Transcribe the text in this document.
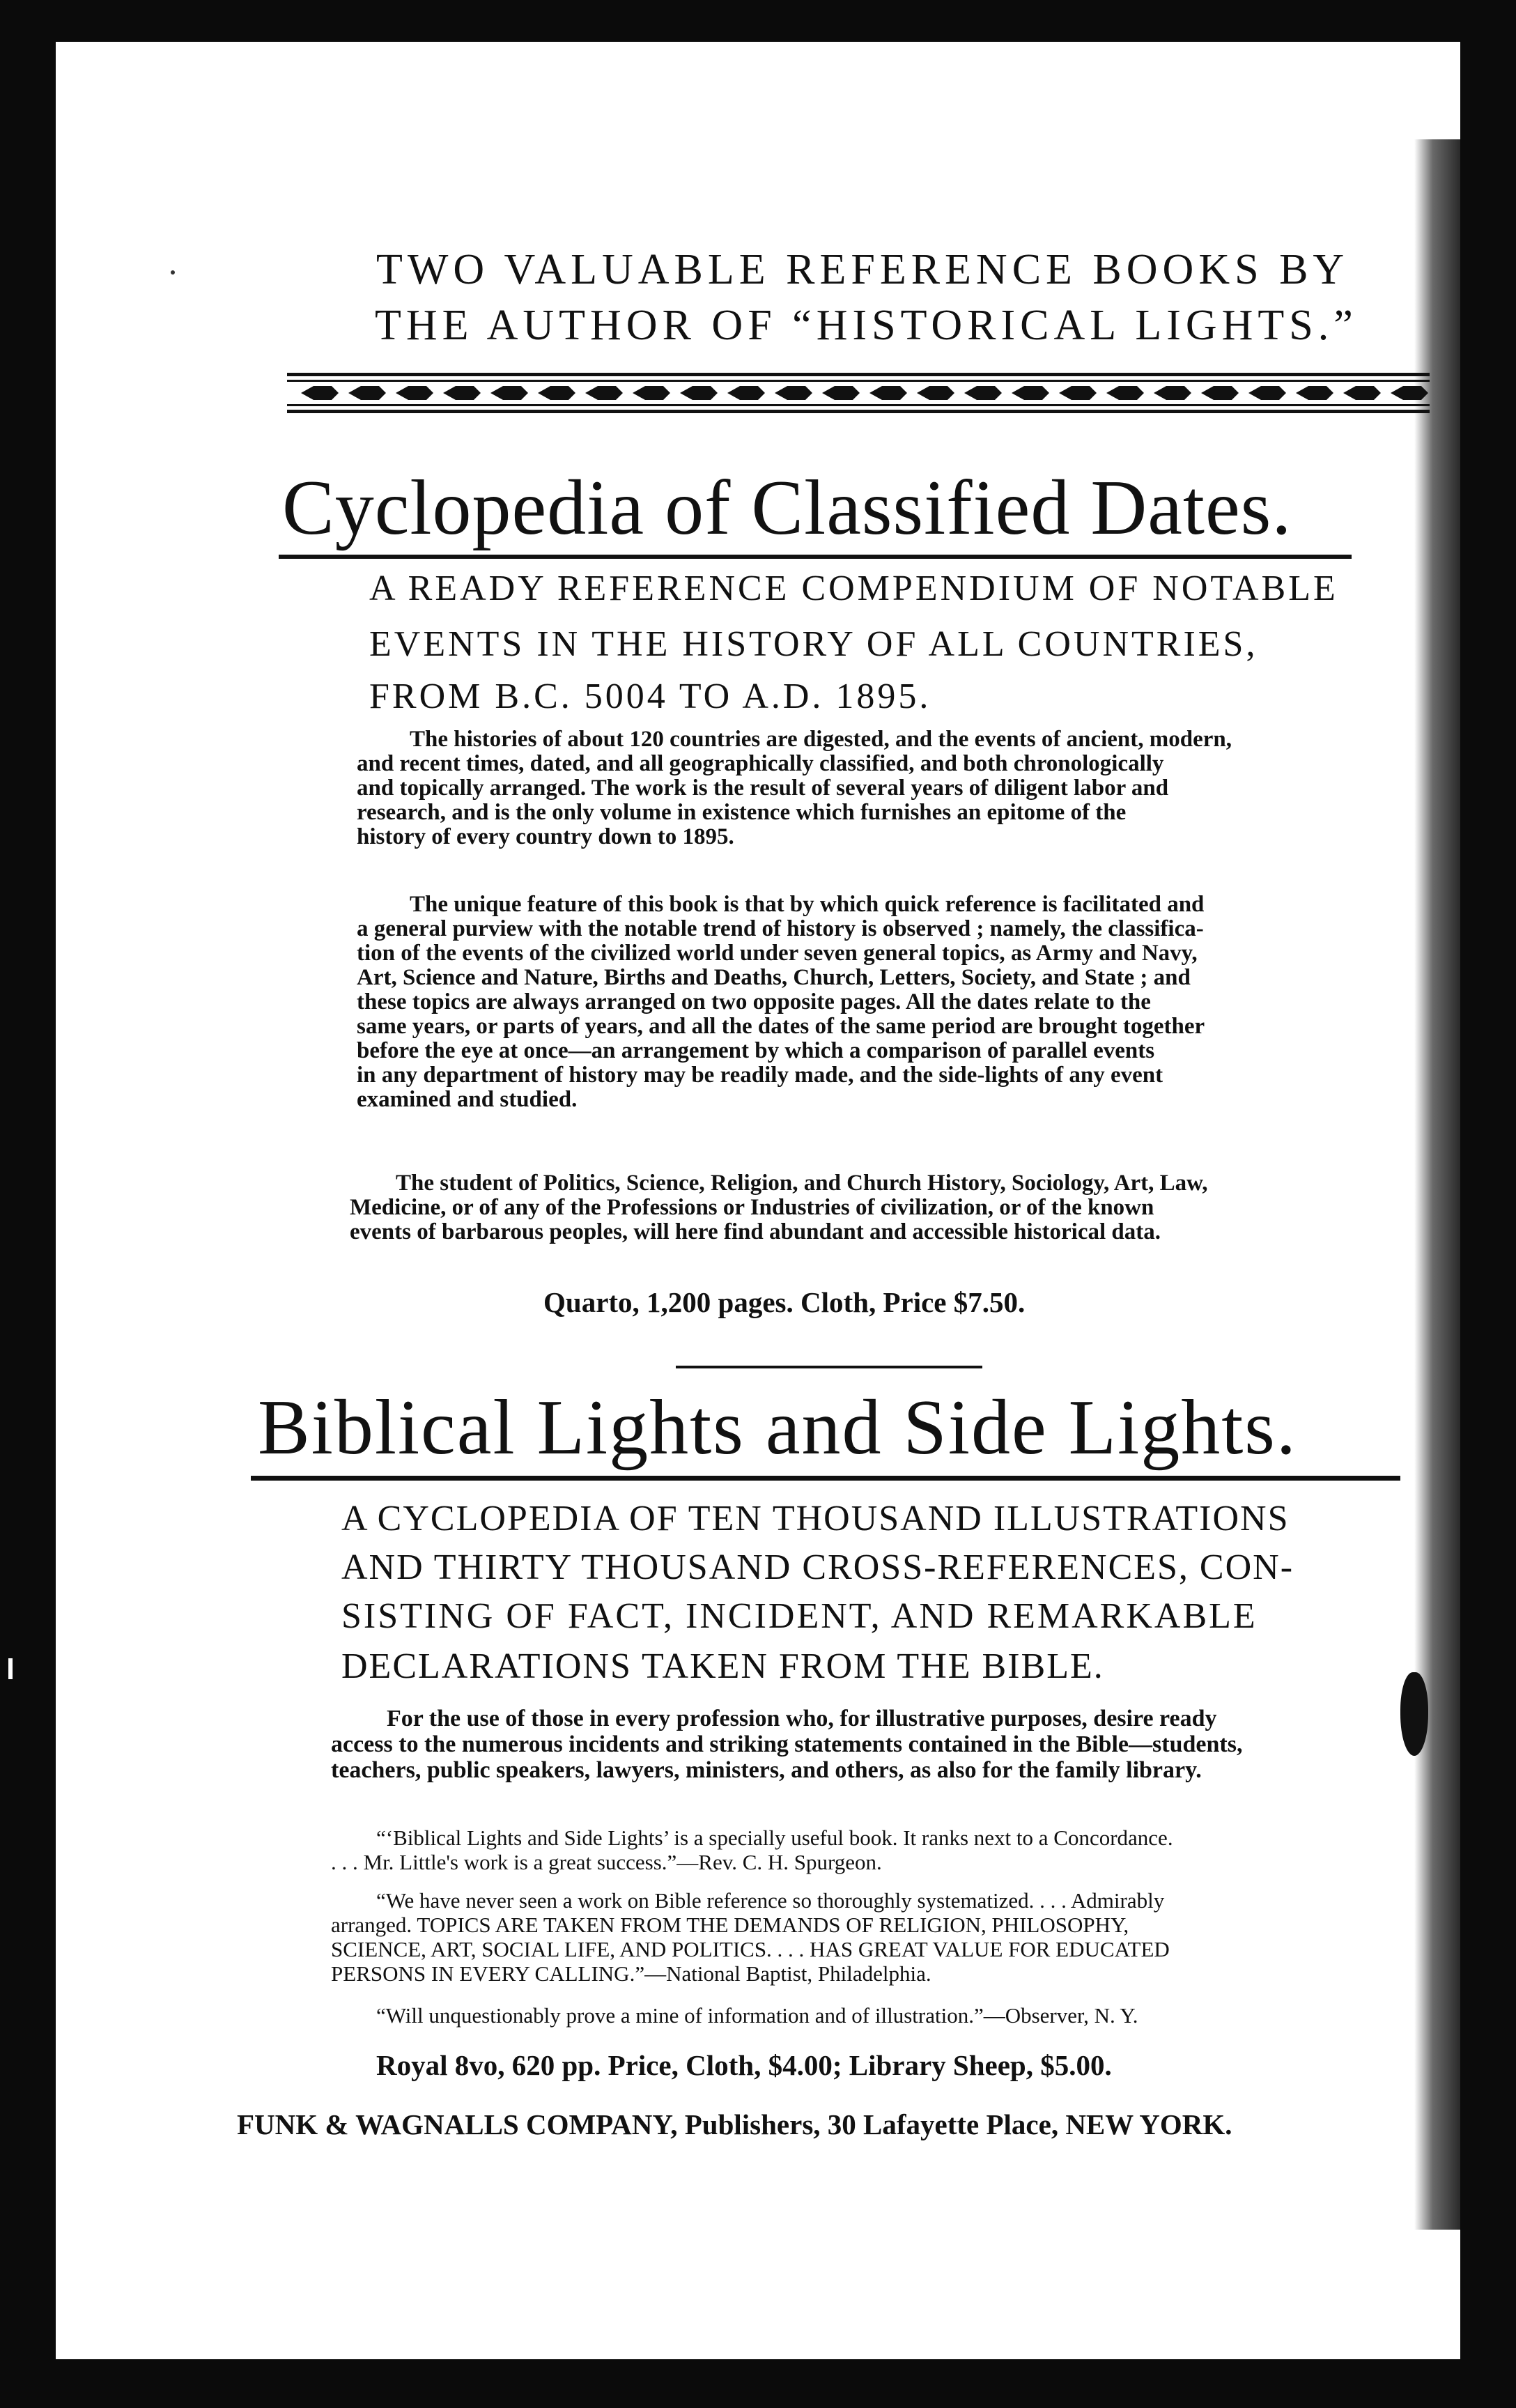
TWO VALUABLE REFERENCE BOOKS BY

THE AUTHOR OF “HISTORICAL LIGHTS.”

Cyclopedia of Classified Dates.

A READY REFERENCE COMPENDIUM OF NOTABLE

EVENTS IN THE HISTORY OF ALL COUNTRIES,

FROM B.C. 5004 TO A.D. 1895.

The histories of about 120 countries are digested, and the events of ancient, modern,

and recent times, dated, and all geographically classified, and both chronologically

and topically arranged. The work is the result of several years of diligent labor and

research, and is the only volume in existence which furnishes an epitome of the

history of every country down to 1895.

The unique feature of this book is that by which quick reference is facilitated and

a general purview with the notable trend of history is observed ; namely, the classifica-

tion of the events of the civilized world under seven general topics, as Army and Navy,

Art, Science and Nature, Births and Deaths, Church, Letters, Society, and State ; and

these topics are always arranged on two opposite pages. All the dates relate to the

same years, or parts of years, and all the dates of the same period are brought together

before the eye at once—an arrangement by which a comparison of parallel events

in any department of history may be readily made, and the side-lights of any event

examined and studied.

The student of Politics, Science, Religion, and Church History, Sociology, Art, Law,

Medicine, or of any of the Professions or Industries of civilization, or of the known

events of barbarous peoples, will here find abundant and accessible historical data.

Quarto, 1,200 pages. Cloth, Price $7.50.

Biblical Lights and Side Lights.

A CYCLOPEDIA OF TEN THOUSAND ILLUSTRATIONS

AND THIRTY THOUSAND CROSS-REFERENCES, CON-

SISTING OF FACT, INCIDENT, AND REMARKABLE

DECLARATIONS TAKEN FROM THE BIBLE.

For the use of those in every profession who, for illustrative purposes, desire ready

access to the numerous incidents and striking statements contained in the Bible—students,

teachers, public speakers, lawyers, ministers, and others, as also for the family library.

“‘Biblical Lights and Side Lights’ is a specially useful book. It ranks next to a Concordance.

. . . Mr. Little's work is a great success.”—Rev. C. H. Spurgeon.

“We have never seen a work on Bible reference so thoroughly systematized. . . . Admirably

arranged. TOPICS ARE TAKEN FROM THE DEMANDS OF RELIGION, PHILOSOPHY,

SCIENCE, ART, SOCIAL LIFE, AND POLITICS. . . . HAS GREAT VALUE FOR EDUCATED

PERSONS IN EVERY CALLING.”—National Baptist, Philadelphia.

“Will unquestionably prove a mine of information and of illustration.”—Observer, N. Y.

Royal 8vo, 620 pp. Price, Cloth, $4.00; Library Sheep, $5.00.

FUNK & WAGNALLS COMPANY, Publishers, 30 Lafayette Place, NEW YORK.
